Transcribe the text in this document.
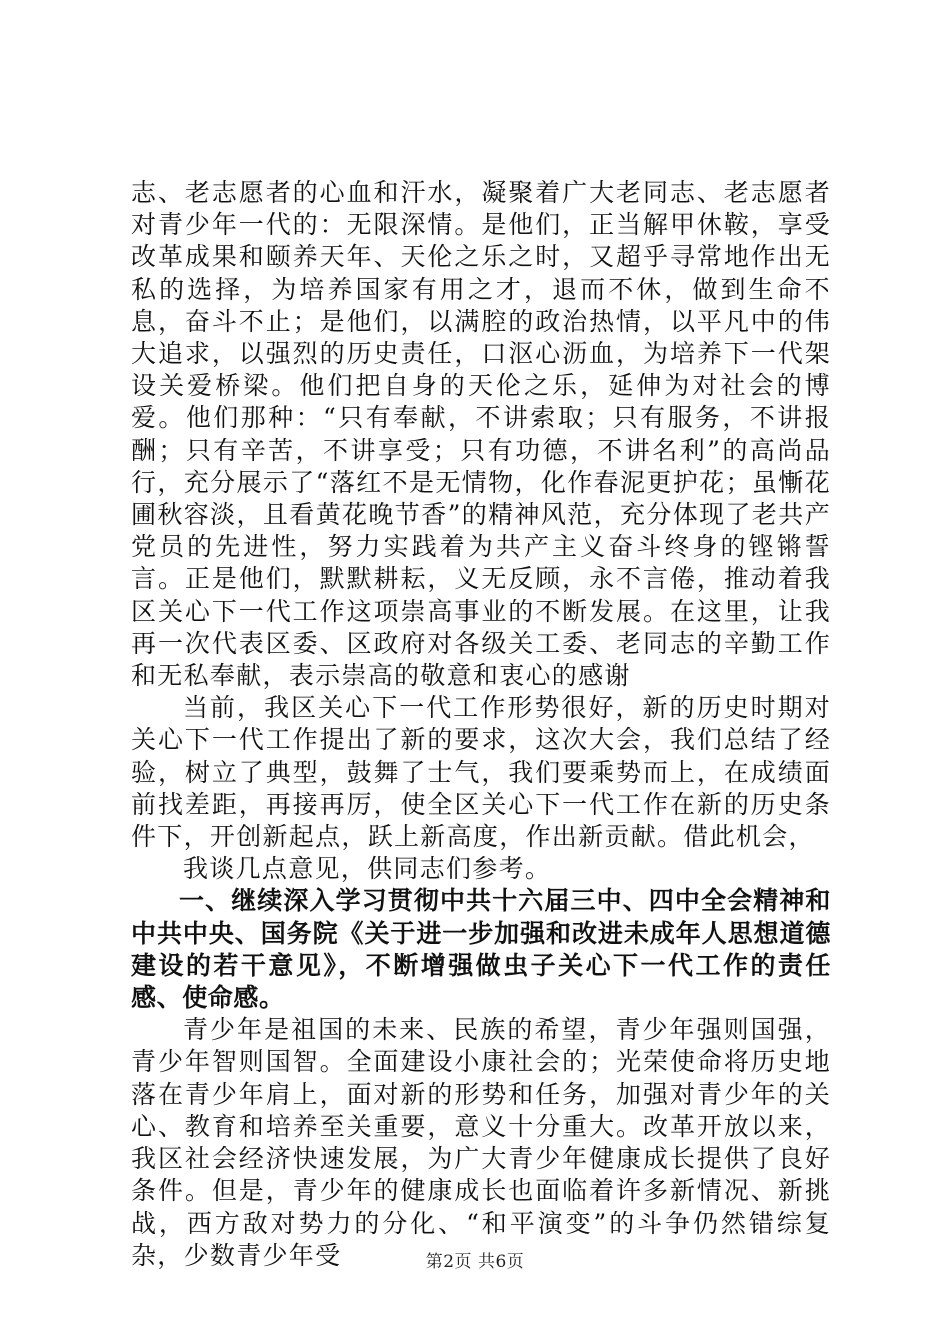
志、老志愿者的心血和汗水，凝聚着广大老同志、老志愿者对青少年一代的：无限深情。是他们，正当解甲休鞍，享受改革成果和颐养天年、天伦之乐之时，又超乎寻常地作出无私的选择，为培养国家有用之才，退而不休，做到生命不息，奋斗不止；是他们，以满腔的政治热情，以平凡中的伟大追求，以强烈的历史责任，口沤心沥血，为培养下一代架设关爱桥梁。他们把自身的天伦之乐，延伸为对社会的博爱。他们那种：“只有奉献，不讲索取；只有服务，不讲报酬；只有辛苦，不讲享受；只有功德，不讲名利”的高尚品行，充分展示了“落红不是无情物，化作春泥更护花；虽慚花圃秋容淡，且看黄花晚节香”的精神风范，充分体现了老共产党员的先进性，努力实践着为共产主义奋斗终身的铿锵誓言。正是他们，默默耕耘，义无反顾，永不言倦，推动着我区关心下一代工作这项崇高事业的不断发展。在这里，让我再一次代表区委、区政府对各级关工委、老同志的辛勤工作和无私奉献，表示崇高的敬意和衷心的感谢

当前，我区关心下一代工作形势很好，新的历史时期对关心下一代工作提出了新的要求，这次大会，我们总结了经验，树立了典型，鼓舞了士气，我们要乘势而上，在成绩面前找差距，再接再厉，使全区关心下一代工作在新的历史条件下，开创新起点，跃上新高度，作出新贡献。借此机会，

我谈几点意见，供同志们参考。

一、继续深入学习贯彻中共十六届三中、四中全会精神和中共中央、国务院《关于进一步加强和改进未成年人思想道德建设的若干意见》，不断增强做虫子关心下一代工作的责任感、使命感。

青少年是祖国的未来、民族的希望，青少年强则国强，青少年智则国智。全面建设小康社会的；光荣使命将历史地落在青少年肩上，面对新的形势和任务，加强对青少年的关心、教育和培养至关重要，意义十分重大。改革开放以来，我区社会经济快速发展，为广大青少年健康成长提供了良好条件。但是，青少年的健康成长也面临着许多新情况、新挑战，西方敌对势力的分化、“和平演变”的斗争仍然错综复杂，少数青少年受	第2页 共6页
